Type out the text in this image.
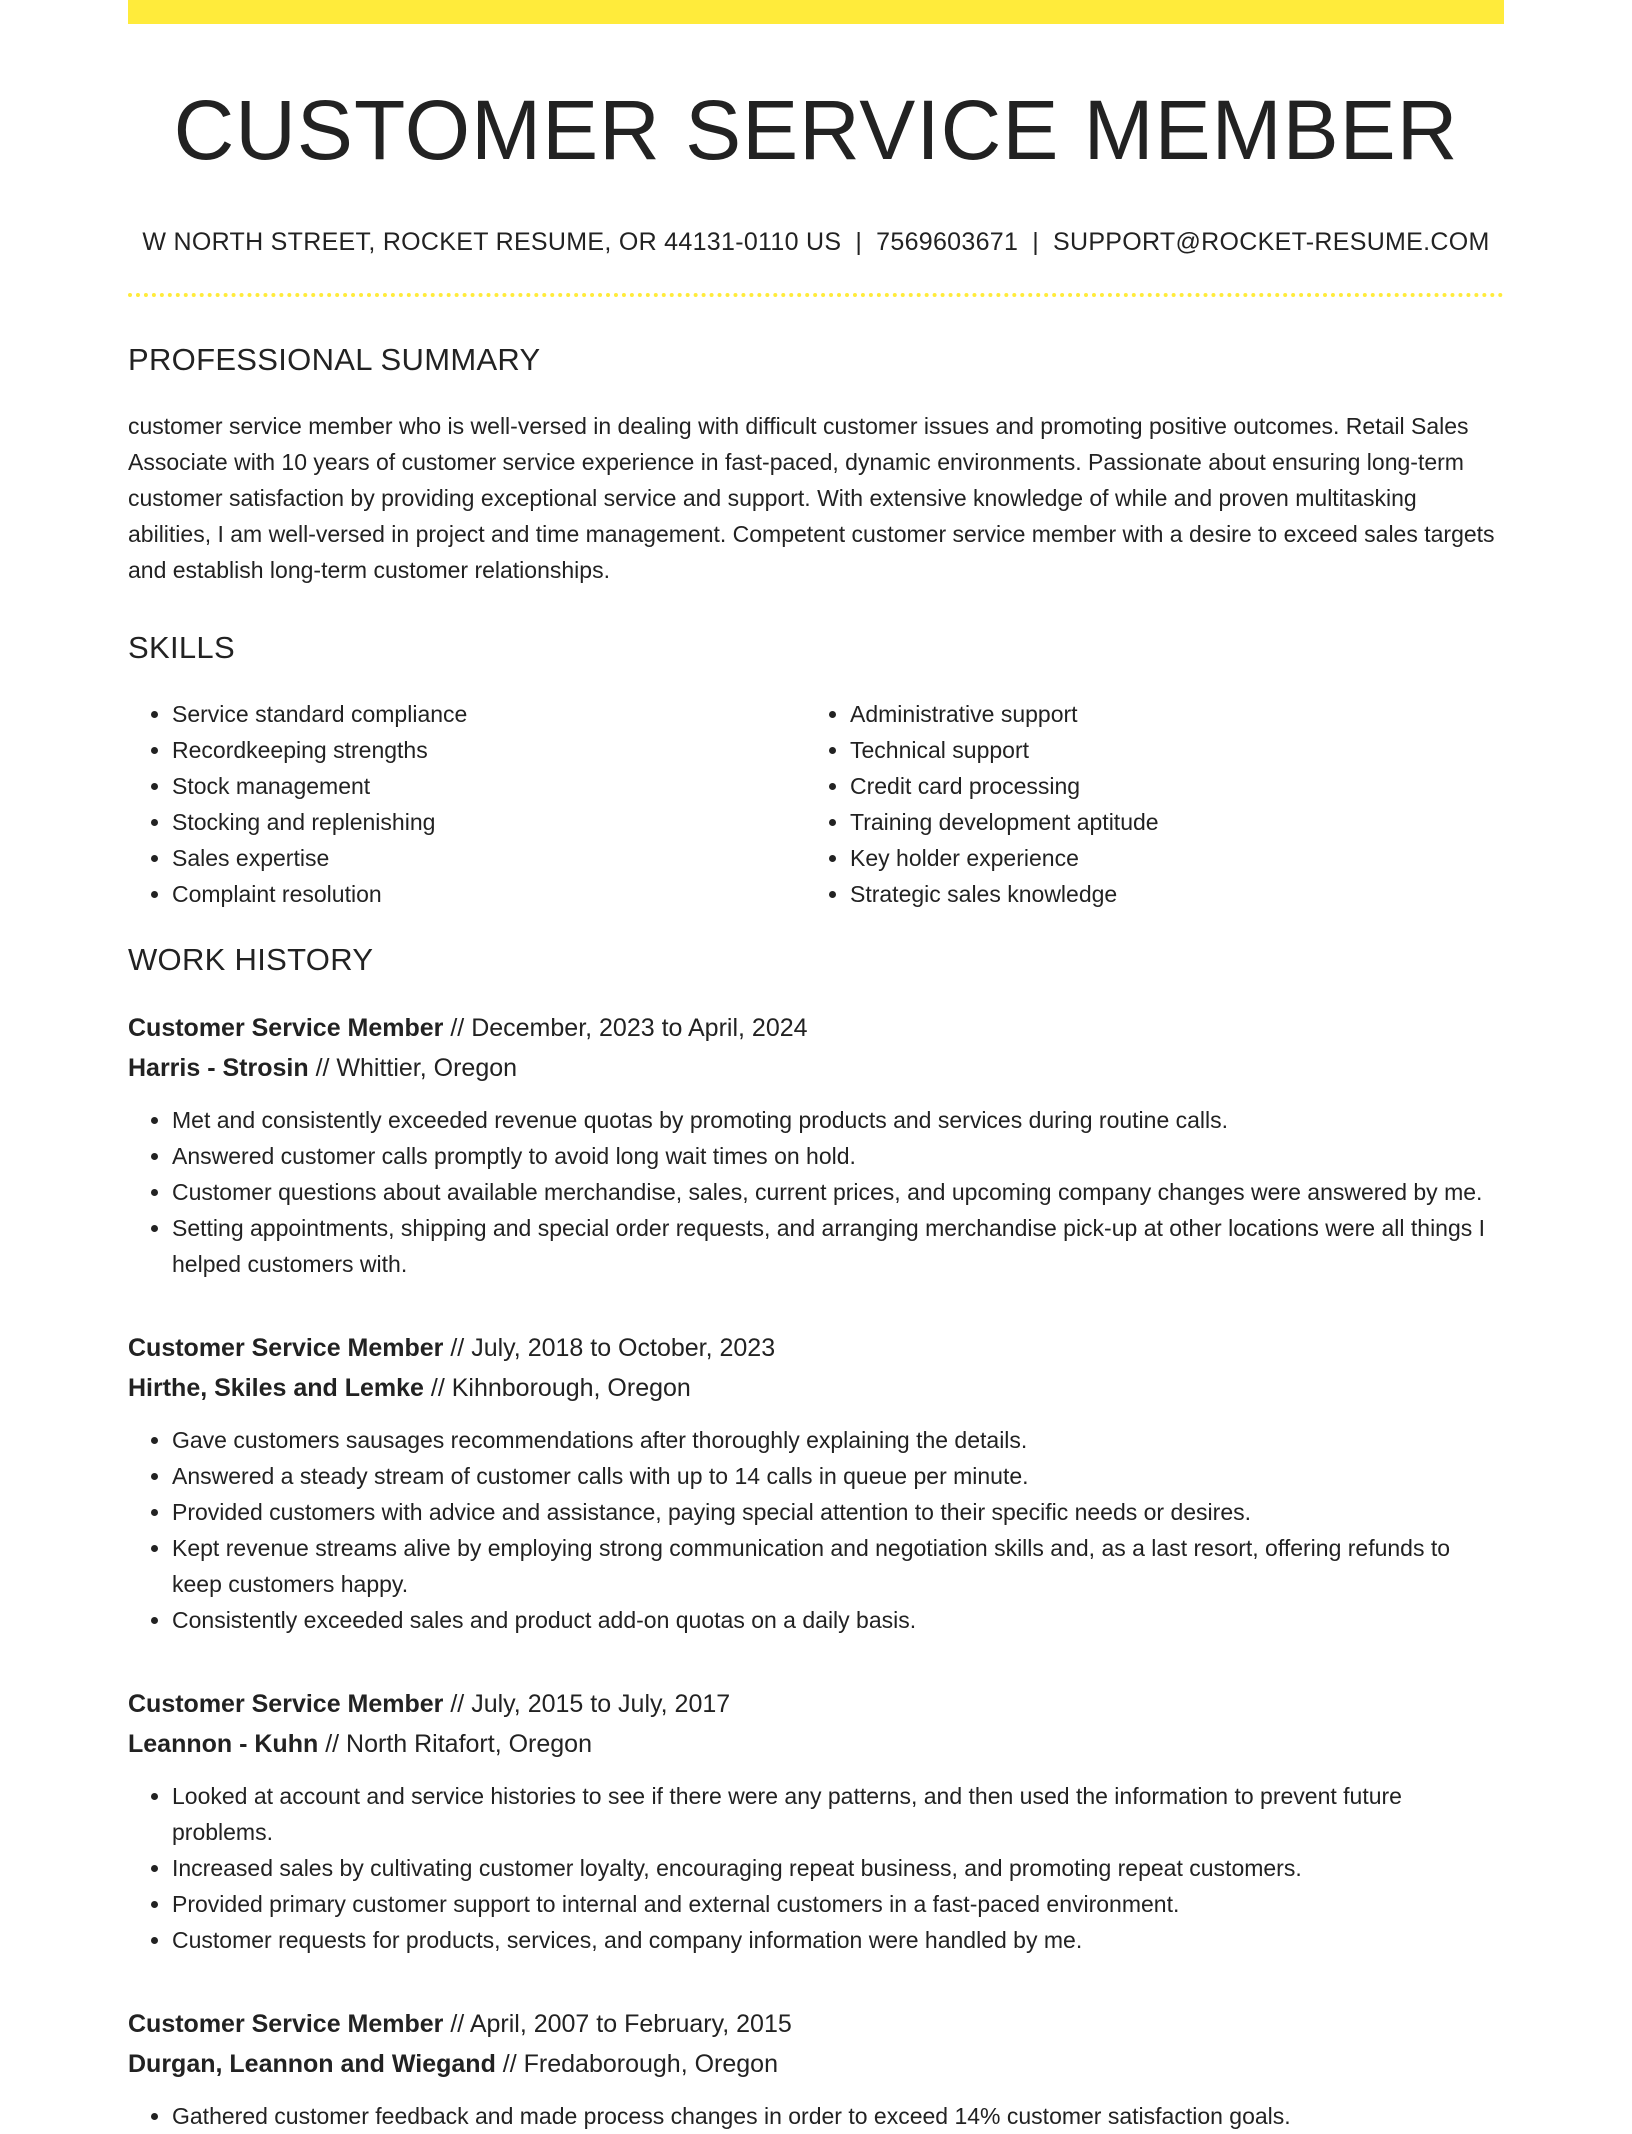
CUSTOMER SERVICE MEMBER
W NORTH STREET, ROCKET RESUME, OR 44131-0110 US | 7569603671 | SUPPORT@ROCKET-RESUME.COM
PROFESSIONAL SUMMARY
customer service member who is well-versed in dealing with difficult customer issues and promoting positive outcomes. Retail Sales Associate with 10 years of customer service experience in fast-paced, dynamic environments. Passionate about ensuring long-term customer satisfaction by providing exceptional service and support. With extensive knowledge of while and proven multitasking abilities, I am well-versed in project and time management. Competent customer service member with a desire to exceed sales targets and establish long-term customer relationships.
SKILLS
• Service standard compliance
• Recordkeeping strengths
• Stock management
• Stocking and replenishing
• Sales expertise
• Complaint resolution
• Administrative support
• Technical support
• Credit card processing
• Training development aptitude
• Key holder experience
• Strategic sales knowledge
WORK HISTORY
Customer Service Member // December, 2023 to April, 2024
Harris - Strosin // Whittier, Oregon
• Met and consistently exceeded revenue quotas by promoting products and services during routine calls.
• Answered customer calls promptly to avoid long wait times on hold.
• Customer questions about available merchandise, sales, current prices, and upcoming company changes were answered by me.
• Setting appointments, shipping and special order requests, and arranging merchandise pick-up at other locations were all things I helped customers with.
Customer Service Member // July, 2018 to October, 2023
Hirthe, Skiles and Lemke // Kihnborough, Oregon
• Gave customers sausages recommendations after thoroughly explaining the details.
• Answered a steady stream of customer calls with up to 14 calls in queue per minute.
• Provided customers with advice and assistance, paying special attention to their specific needs or desires.
• Kept revenue streams alive by employing strong communication and negotiation skills and, as a last resort, offering refunds to keep customers happy.
• Consistently exceeded sales and product add-on quotas on a daily basis.
Customer Service Member // July, 2015 to July, 2017
Leannon - Kuhn // North Ritafort, Oregon
• Looked at account and service histories to see if there were any patterns, and then used the information to prevent future problems.
• Increased sales by cultivating customer loyalty, encouraging repeat business, and promoting repeat customers.
• Provided primary customer support to internal and external customers in a fast-paced environment.
• Customer requests for products, services, and company information were handled by me.
Customer Service Member // April, 2007 to February, 2015
Durgan, Leannon and Wiegand // Fredaborough, Oregon
• Gathered customer feedback and made process changes in order to exceed 14% customer satisfaction goals.
